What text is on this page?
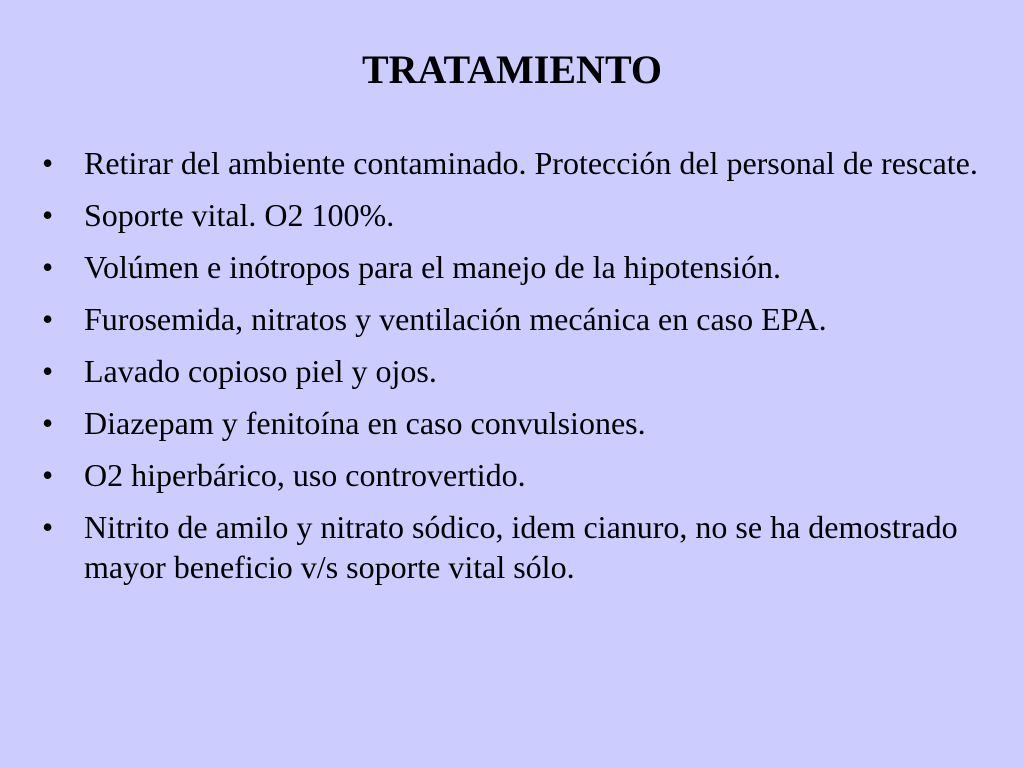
TRATAMIENTO
• Retirar del ambiente contaminado. Protección del personal de rescate.
• Soporte vital. O2 100%.
• Volúmen e inótropos para el manejo de la hipotensión.
• Furosemida, nitratos y ventilación mecánica en caso EPA.
• Lavado copioso piel y ojos.
• Diazepam y fenitoína en caso convulsiones.
• O2 hiperbárico, uso controvertido.
• Nitrito de amilo y nitrato sódico, idem cianuro, no se ha demostrado mayor beneficio v/s soporte vital sólo.
